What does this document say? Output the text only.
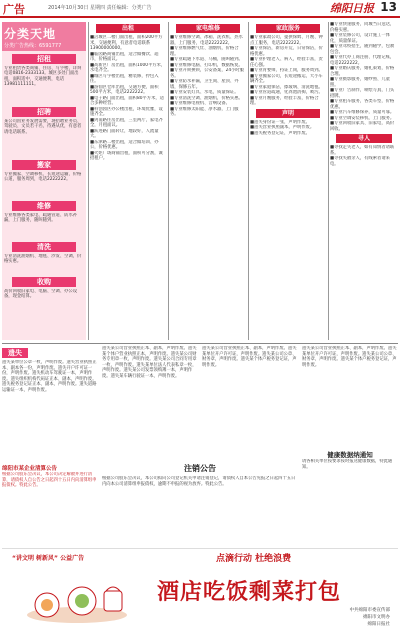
广告	2014年10月30日 星期四 责任编辑：分类广告	绵阳日报 13
分类天地
分类广告热线：6591777
招租
专业租赁各类商铺、住房、写字楼，详询电话0816-2333133。城区多处门面出租，面积适中，交通便利，电话13981111111。
招聘
某公司因业务发展需要，现招聘业务员、驾驶员、文员若干名，待遇从优，有意者请电话联系。
搬家
专业搬家、空调移机、长短途运输，价格公道，服务周到，电话2222222。
维修
专业维修各类家电、疏通管道、防水补漏，上门服务，随叫随到。
清洗
专业清洗油烟机、地毯、沙发、空调，价格实惠。
收购
高价回收旧家电、电脑、空调、办公设备，现金结算。
出租
■涪城区二楼门面出租，面积200平方米，交通便利，有意者电话联系13900000000。
■临园路商铺出租，适合做餐饮、超市，价格面议。
■高新区厂房出租，面积1000平方米，水电齐全。
■城区写字楼出租，精装修，拎包入住。
■游仙区仓库出租，交通方便，面积500平方米，电话2222222。
■电子路门面出租，面积80平方米，适合多种经营。
■科创园区办公楼出租，环境优雅，设施齐全。
■剑南路住房出租，三室两厅，家电齐全，月租面议。
■跃进路门面转让，地段好，人流量大。
■东津路二楼出租，适合做培训、办公，价格优惠。
■火炬广场商铺出租，面积可分割，诚招租户。
家电维修
■专业维修空调、冰箱、洗衣机、热水器，上门服务，电话2222222。
■专业维修燃气灶、油烟机，价格合理。
■专业疏通下水道、马桶，随叫随到。
■专业维修电脑、打印机，数据恢复。
■专业开锁换锁，公安备案，24小时服务。
■专业防水补漏，卫生间、屋顶、外墙，保修五年。
■专业安装灯具、水电，质量保证。
■专业清洗空调、油烟机，价格实惠。
■专业维修电视机、音响设备。
■专业维修太阳能、净水器，上门服务。
家政服务
■专业家政公司，提供保姆、月嫂、钟点工服务，电话2222222。
■专业保洁，新房开荒、日常保洁，价格优惠。
■专业护理老人、病人，经验丰富，责任心强。
■专业育婴师，持证上岗，服务周到。
■专业搬家公司，长短途搬运，大小车辆齐全。
■专业家庭保洁，擦玻璃、清洗地毯。
■专业管道疏通，化粪池清掏，吸污。
■专业月嫂服务，经验丰富，价格合理。
声明
■遗失身份证一张，声明作废。
■遗失营业执照副本，声明作废。
■遗失税务登记证，声明作废。
■专业快递服务，同城当日送达，价格实惠。
■专业装修公司，设计施工一体化，质量保证。
■专业驾校招生，随到随学，包教包会。
■专业代办工商注册、代理记账，电话2222222。
■专业婚庆服务，婚礼策划，价格合理。
■专业摄影服务，婚纱照、儿童照。
■专业广告制作，喷绘写真，门头招牌。
■专业租车服务，各类车型，价格优惠。
■专业汽车维修保养，质量可靠。
■专业空调安装移机，上门服务。
■专业回收旧家具、旧家电，高价回收。
寻人
■寻找走失老人，如有知情者请联系。
■寻找失散亲人，有线索者请来电。
遗失
遗失某单位公章一枚，声明作废。遗失营业执照正本、副本各一份，声明作废。遗失开户许可证一份，声明作废。遗失机动车驾驶证一本，声明作废。遗失组织机构代码证正本、副本，声明作废。遗失税务登记证正本、副本，声明作废。遗失道路运输证一本，声明作废。
绵阳市某企业清算公告
根据公司股东会决议，本公司决定解散并进行清算，请债权人自公告之日起四十五日内向清算组申报债权。特此公告。
遗失某公司营业执照正本、副本，声明作废。遗失某个体户营业执照正本，声明作废。遗失某公司财务专用章一枚，声明作废。遗失某公司合同专用章一枚，声明作废。遗失某单位法人代表私章一枚，声明作废。遗失某公司发票领购簿一本，声明作废。遗失某车辆行驶证一本，声明作废。
遗失某公司营业执照正本、副本，声明作废。遗失某单位开户许可证，声明作废。遗失某公司公章、财务章，声明作废。遗失某个体户税务登记证，声明作废。
遗失某公司营业执照正本、副本，声明作废。遗失某单位开户许可证，声明作废。遗失某公司公章、财务章，声明作废。遗失某个体户税务登记证，声明作废。
健康数据纳通知
请各相关单位按要求按时报送健康数据，特此通知。
注销公告
根据公司股东会决议，本公司拟向公司登记机关申请注销登记，请债权人自本公告见报之日起四十五日内向本公司清算组申报债权，逾期不申报的视为放弃。特此公告。
“讲文明 树新风” 公益广告	点滴行动 杜绝浪费
酒店吃饭剩菜打包
中共绵阳市委宣传部
绵阳市文明办
绵阳日报社
